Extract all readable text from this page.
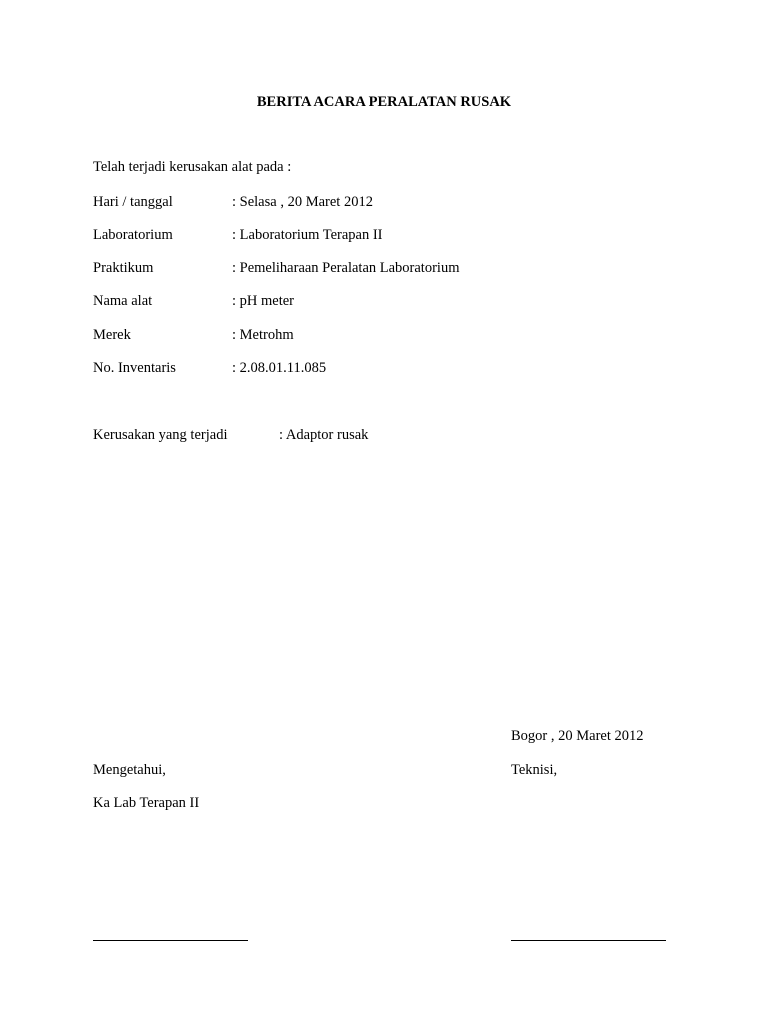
BERITA ACARA PERALATAN RUSAK
Telah terjadi kerusakan alat pada :
Hari / tanggal	: Selasa , 20 Maret 2012
Laboratorium	: Laboratorium Terapan II
Praktikum	: Pemeliharaan Peralatan Laboratorium
Nama alat	: pH meter
Merek	: Metrohm
No. Inventaris	: 2.08.01.11.085
Kerusakan yang terjadi	: Adaptor rusak
Bogor , 20 Maret 2012
Mengetahui,	Teknisi,
Ka Lab Terapan II
